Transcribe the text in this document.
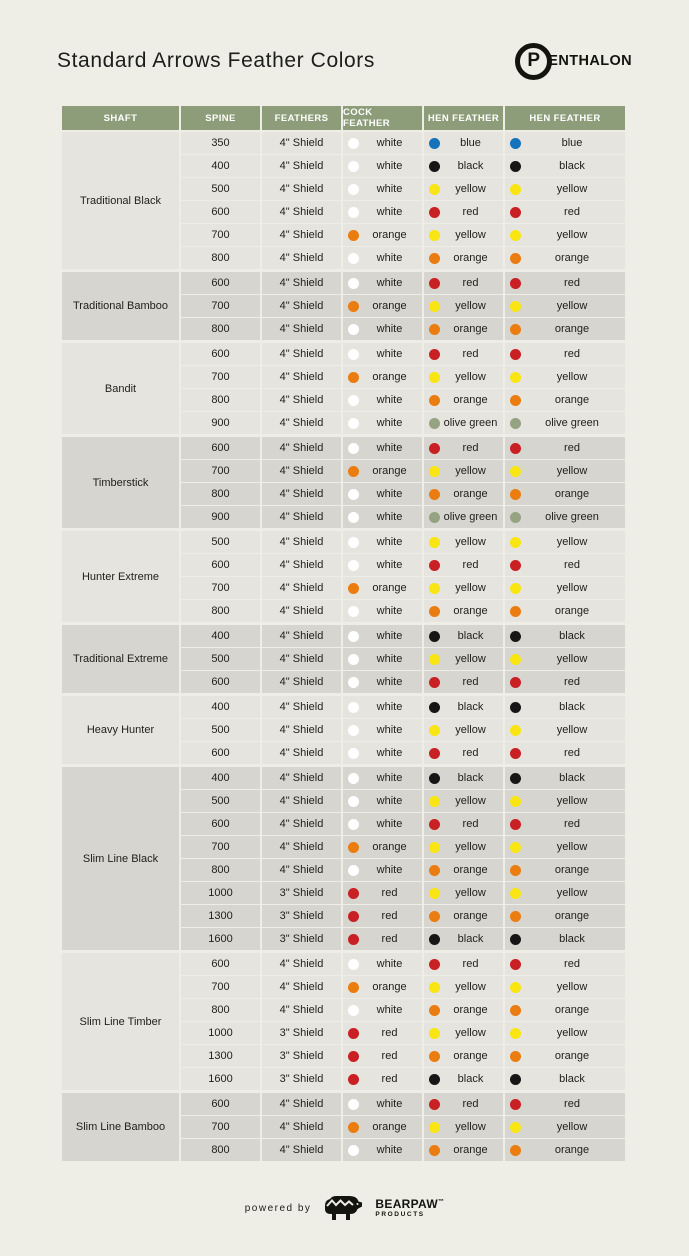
Standard Arrows Feather Colors	P ENTHALON
SHAFT	SPINE	FEATHERS	COCK FEATHER	HEN FEATHER	HEN FEATHER
Traditional Black
350	4" Shield	white	blue	blue
400	4" Shield	white	black	black
500	4" Shield	white	yellow	yellow
600	4" Shield	white	red	red
700	4" Shield	orange	yellow	yellow
800	4" Shield	white	orange	orange
Traditional Bamboo
600	4" Shield	white	red	red
700	4" Shield	orange	yellow	yellow
800	4" Shield	white	orange	orange
Bandit
600	4" Shield	white	red	red
700	4" Shield	orange	yellow	yellow
800	4" Shield	white	orange	orange
900	4" Shield	white	olive green	olive green
Timberstick
600	4" Shield	white	red	red
700	4" Shield	orange	yellow	yellow
800	4" Shield	white	orange	orange
900	4" Shield	white	olive green	olive green
Hunter Extreme
500	4" Shield	white	yellow	yellow
600	4" Shield	white	red	red
700	4" Shield	orange	yellow	yellow
800	4" Shield	white	orange	orange
Traditional Extreme
400	4" Shield	white	black	black
500	4" Shield	white	yellow	yellow
600	4" Shield	white	red	red
Heavy Hunter
400	4" Shield	white	black	black
500	4" Shield	white	yellow	yellow
600	4" Shield	white	red	red
Slim Line Black
400	4" Shield	white	black	black
500	4" Shield	white	yellow	yellow
600	4" Shield	white	red	red
700	4" Shield	orange	yellow	yellow
800	4" Shield	white	orange	orange
1000	3" Shield	red	yellow	yellow
1300	3" Shield	red	orange	orange
1600	3" Shield	red	black	black
Slim Line Timber
600	4" Shield	white	red	red
700	4" Shield	orange	yellow	yellow
800	4" Shield	white	orange	orange
1000	3" Shield	red	yellow	yellow
1300	3" Shield	red	orange	orange
1600	3" Shield	red	black	black
Slim Line Bamboo
600	4" Shield	white	red	red
700	4" Shield	orange	yellow	yellow
800	4" Shield	white	orange	orange
powered by	BEARPAW™
PRODUCTS
